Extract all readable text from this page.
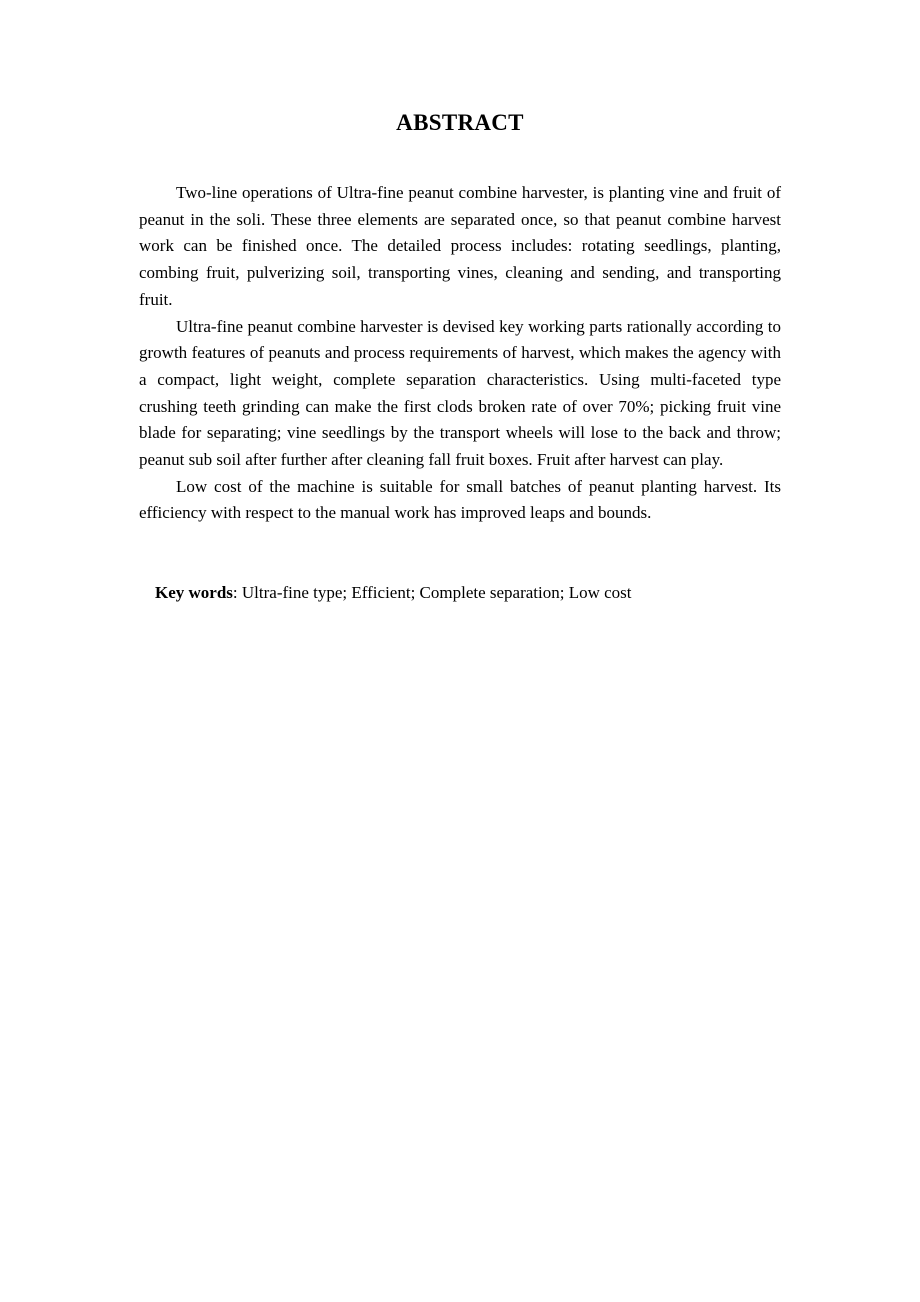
ABSTRACT

Two-line operations of Ultra-fine peanut combine harvester, is planting vine and fruit of peanut in the soli. These three elements are separated once, so that peanut combine harvest work can be finished once. The detailed process includes: rotating seedlings, planting, combing fruit, pulverizing soil, transporting vines, cleaning and sending, and transporting fruit.

Ultra-fine peanut combine harvester is devised key working parts rationally according to growth features of peanuts and process requirements of harvest, which makes the agency with a compact, light weight, complete separation characteristics. Using multi-faceted type crushing teeth grinding can make the first clods broken rate of over 70%; picking fruit vine blade for separating; vine seedlings by the transport wheels will lose to the back and throw; peanut sub soil after further after cleaning fall fruit boxes. Fruit after harvest can play.

Low cost of the machine is suitable for small batches of peanut planting harvest. Its efficiency with respect to the manual work has improved leaps and bounds.

Key words: Ultra-fine type; Efficient; Complete separation; Low cost
